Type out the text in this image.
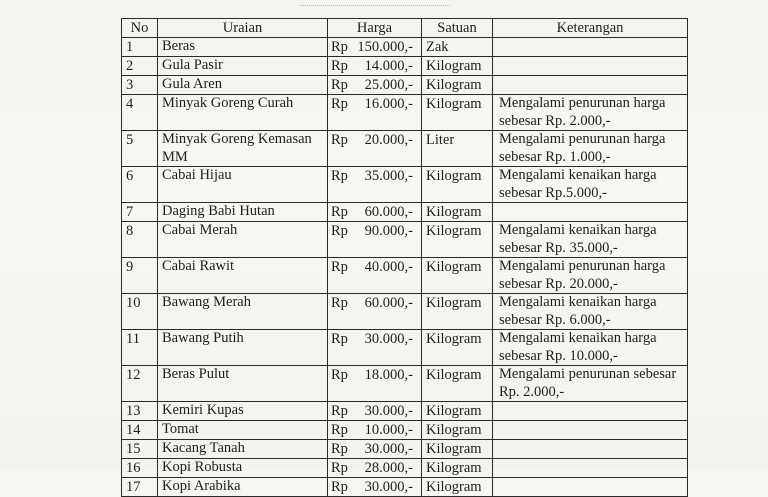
No	Uraian	Harga	Satuan	Keterangan
1	Beras	Rp 150.000,-	Zak	
2	Gula Pasir	Rp 14.000,-	Kilogram	
3	Gula Aren	Rp 25.000,-	Kilogram	
4	Minyak Goreng Curah	Rp 16.000,-	Kilogram	Mengalami penurunan harga sebesar Rp. 2.000,-
5	Minyak Goreng Kemasan MM	Rp 20.000,-	Liter	Mengalami penurunan harga sebesar Rp. 1.000,-
6	Cabai Hijau	Rp 35.000,-	Kilogram	Mengalami kenaikan harga sebesar Rp.5.000,-
7	Daging Babi Hutan	Rp 60.000,-	Kilogram	
8	Cabai Merah	Rp 90.000,-	Kilogram	Mengalami kenaikan harga sebesar Rp. 35.000,-
9	Cabai Rawit	Rp 40.000,-	Kilogram	Mengalami penurunan harga sebesar Rp. 20.000,-
10	Bawang Merah	Rp 60.000,-	Kilogram	Mengalami kenaikan harga sebesar Rp. 6.000,-
11	Bawang Putih	Rp 30.000,-	Kilogram	Mengalami kenaikan harga sebesar Rp. 10.000,-
12	Beras Pulut	Rp 18.000,-	Kilogram	Mengalami penurunan sebesar Rp. 2.000,-
13	Kemiri Kupas	Rp 30.000,-	Kilogram	
14	Tomat	Rp 10.000,-	Kilogram	
15	Kacang Tanah	Rp 30.000,-	Kilogram	
16	Kopi Robusta	Rp 28.000,-	Kilogram	
17	Kopi Arabika	Rp 30.000,-	Kilogram	
